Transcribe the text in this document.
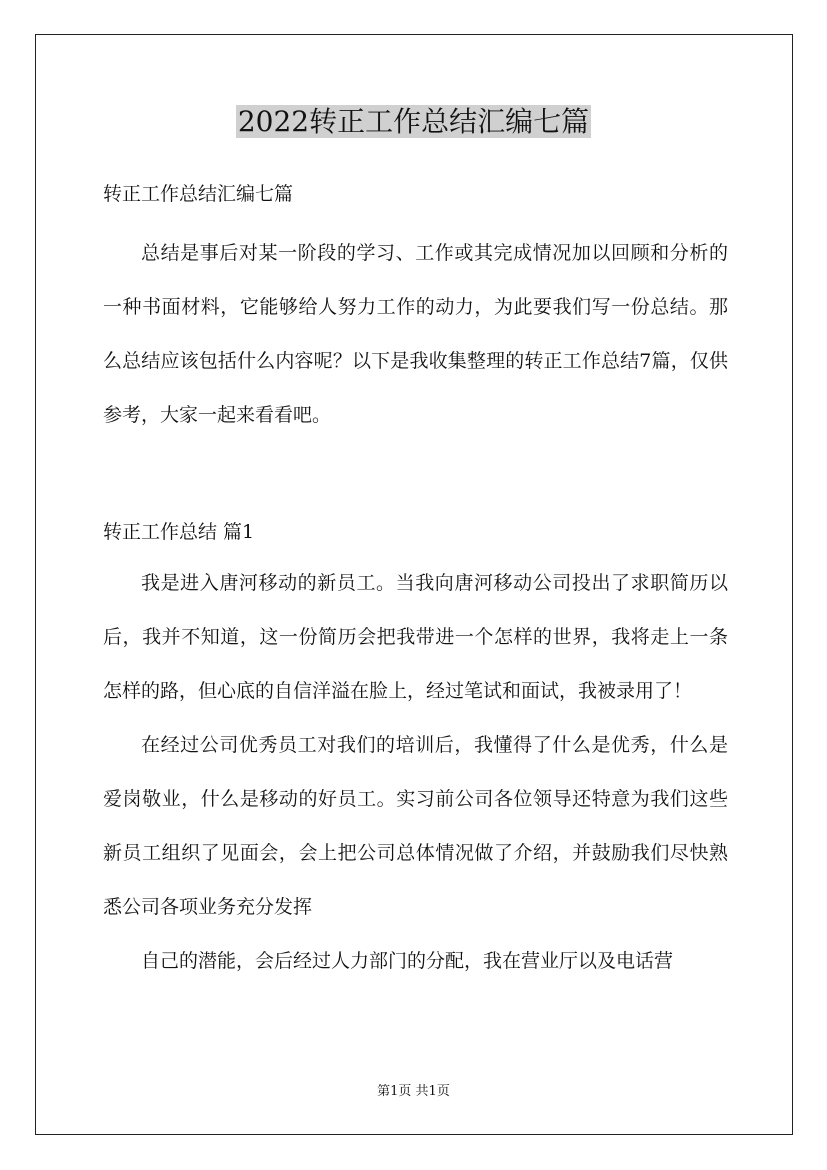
2022转正工作总结汇编七篇

转正工作总结汇编七篇

总结是事后对某一阶段的学习、工作或其完成情况加以回顾和分析的一种书面材料，它能够给人努力工作的动力，为此要我们写一份总结。那么总结应该包括什么内容呢？以下是我收集整理的转正工作总结7篇，仅供参考，大家一起来看看吧。

转正工作总结 篇1

我是进入唐河移动的新员工。当我向唐河移动公司投出了求职简历以后，我并不知道，这一份简历会把我带进一个怎样的世界，我将走上一条怎样的路，但心底的自信洋溢在脸上，经过笔试和面试，我被录用了！

在经过公司优秀员工对我们的培训后，我懂得了什么是优秀，什么是爱岗敬业，什么是移动的好员工。实习前公司各位领导还特意为我们这些新员工组织了见面会，会上把公司总体情况做了介绍，并鼓励我们尽快熟悉公司各项业务充分发挥

自己的潜能，会后经过人力部门的分配，我在营业厅以及电话营

第1页 共1页
